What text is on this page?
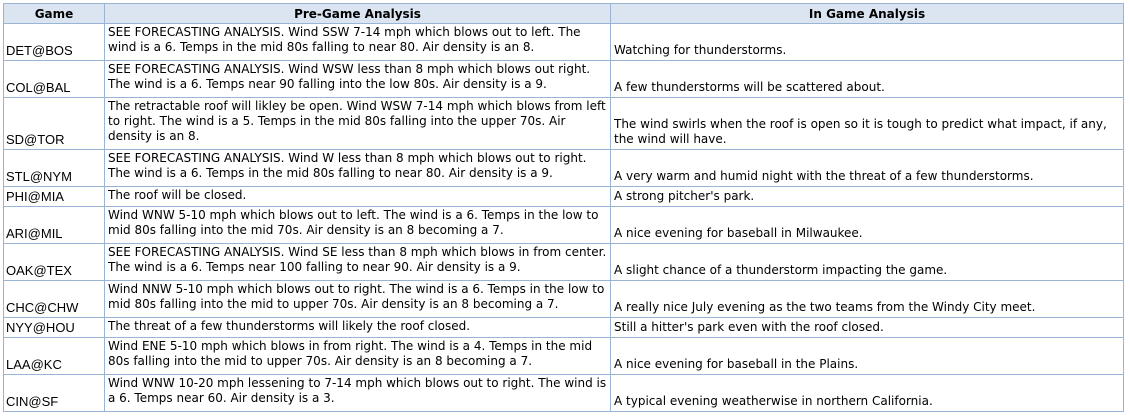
Game	Pre-Game Analysis	In Game Analysis
DET@BOS	SEE FORECASTING ANALYSIS. Wind SSW 7-14 mph which blows out to left. The wind is a 6. Temps in the mid 80s falling to near 80. Air density is an 8.	Watching for thunderstorms.
COL@BAL	SEE FORECASTING ANALYSIS. Wind WSW less than 8 mph which blows out right. The wind is a 6. Temps near 90 falling into the low 80s. Air density is a 9.	A few thunderstorms will be scattered about.
SD@TOR	The retractable roof will likley be open. Wind WSW 7-14 mph which blows from left to right. The wind is a 5. Temps in the mid 80s falling into the upper 70s. Air density is an 8.	The wind swirls when the roof is open so it is tough to predict what impact, if any, the wind will have.
STL@NYM	SEE FORECASTING ANALYSIS. Wind W less than 8 mph which blows out to right. The wind is a 6. Temps in the mid 80s falling to near 80. Air density is a 9.	A very warm and humid night with the threat of a few thunderstorms.
PHI@MIA	The roof will be closed.	A strong pitcher's park.
ARI@MIL	Wind WNW 5-10 mph which blows out to left. The wind is a 6. Temps in the low to mid 80s falling into the mid 70s. Air density is an 8 becoming a 7.	A nice evening for baseball in Milwaukee.
OAK@TEX	SEE FORECASTING ANALYSIS. Wind SE less than 8 mph which blows in from center. The wind is a 6. Temps near 100 falling to near 90. Air density is a 9.	A slight chance of a thunderstorm impacting the game.
CHC@CHW	Wind NNW 5-10 mph which blows out to right. The wind is a 6. Temps in the low to mid 80s falling into the mid to upper 70s. Air density is an 8 becoming a 7.	A really nice July evening as the two teams from the Windy City meet.
NYY@HOU	The threat of a few thunderstorms will likely the roof closed.	Still a hitter's park even with the roof closed.
LAA@KC	Wind ENE 5-10 mph which blows in from right. The wind is a 4. Temps in the mid 80s falling into the mid to upper 70s. Air density is an 8 becoming a 7.	A nice evening for baseball in the Plains.
CIN@SF	Wind WNW 10-20 mph lessening to 7-14 mph which blows out to right. The wind is a 6. Temps near 60. Air density is a 3.	A typical evening weatherwise in northern California.
